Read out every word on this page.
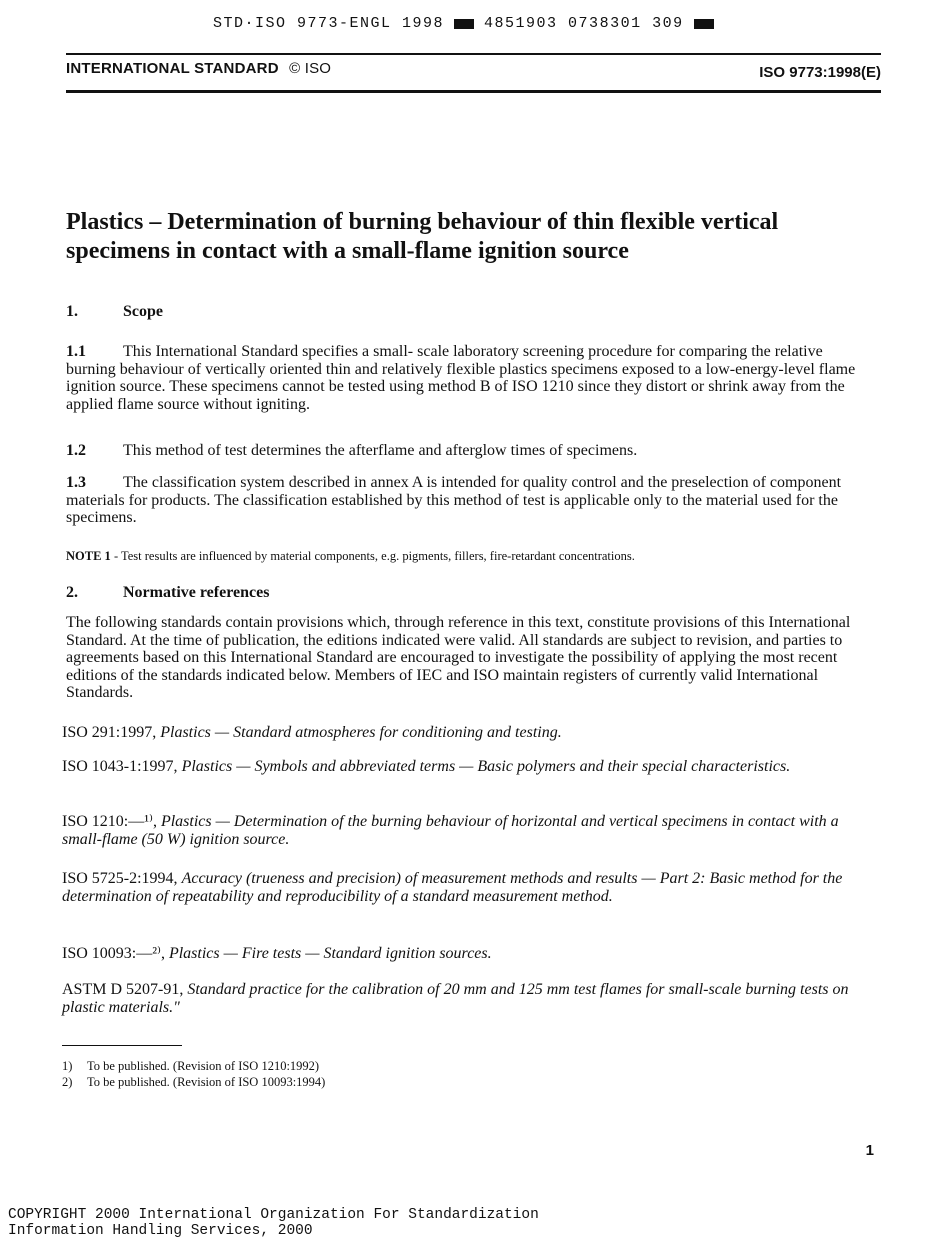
STD·ISO 9773-ENGL 1998	4851903 0738301 309
INTERNATIONAL STANDARD © ISO	ISO 9773:1998(E)
Plastics – Determination of burning behaviour of thin flexible vertical specimens in contact with a small-flame ignition source
1.	Scope

1.1 This International Standard specifies a small- scale laboratory screening procedure for comparing the relative burning behaviour of vertically oriented thin and relatively flexible plastics specimens exposed to a low-energy-level flame ignition source. These specimens cannot be tested using method B of ISO 1210 since they distort or shrink away from the applied flame source without igniting.

1.2 This method of test determines the afterflame and afterglow times of specimens.

1.3 The classification system described in annex A is intended for quality control and the preselection of component materials for products. The classification established by this method of test is applicable only to the material used for the specimens.

NOTE 1 - Test results are influenced by material components, e.g. pigments, fillers, fire-retardant concentrations.
2.	Normative references

The following standards contain provisions which, through reference in this text, constitute provisions of this International Standard. At the time of publication, the editions indicated were valid. All standards are subject to revision, and parties to agreements based on this International Standard are encouraged to investigate the possibility of applying the most recent editions of the standards indicated below. Members of IEC and ISO maintain registers of currently valid International Standards.

ISO 291:1997, Plastics — Standard atmospheres for conditioning and testing.

ISO 1043-1:1997, Plastics — Symbols and abbreviated terms — Basic polymers and their special characteristics.

ISO 1210:—¹⁾, Plastics — Determination of the burning behaviour of horizontal and vertical specimens in contact with a small-flame (50 W) ignition source.

ISO 5725-2:1994, Accuracy (trueness and precision) of measurement methods and results — Part 2: Basic method for the determination of repeatability and reproducibility of a standard measurement method.

ISO 10093:—²⁾, Plastics — Fire tests — Standard ignition sources.

ASTM D 5207-91, Standard practice for the calibration of 20 mm and 125 mm test flames for small-scale burning tests on plastic materials."

1) To be published. (Revision of ISO 1210:1992)
2) To be published. (Revision of ISO 10093:1994)
1
COPYRIGHT 2000 International Organization For Standardization
Information Handling Services, 2000
